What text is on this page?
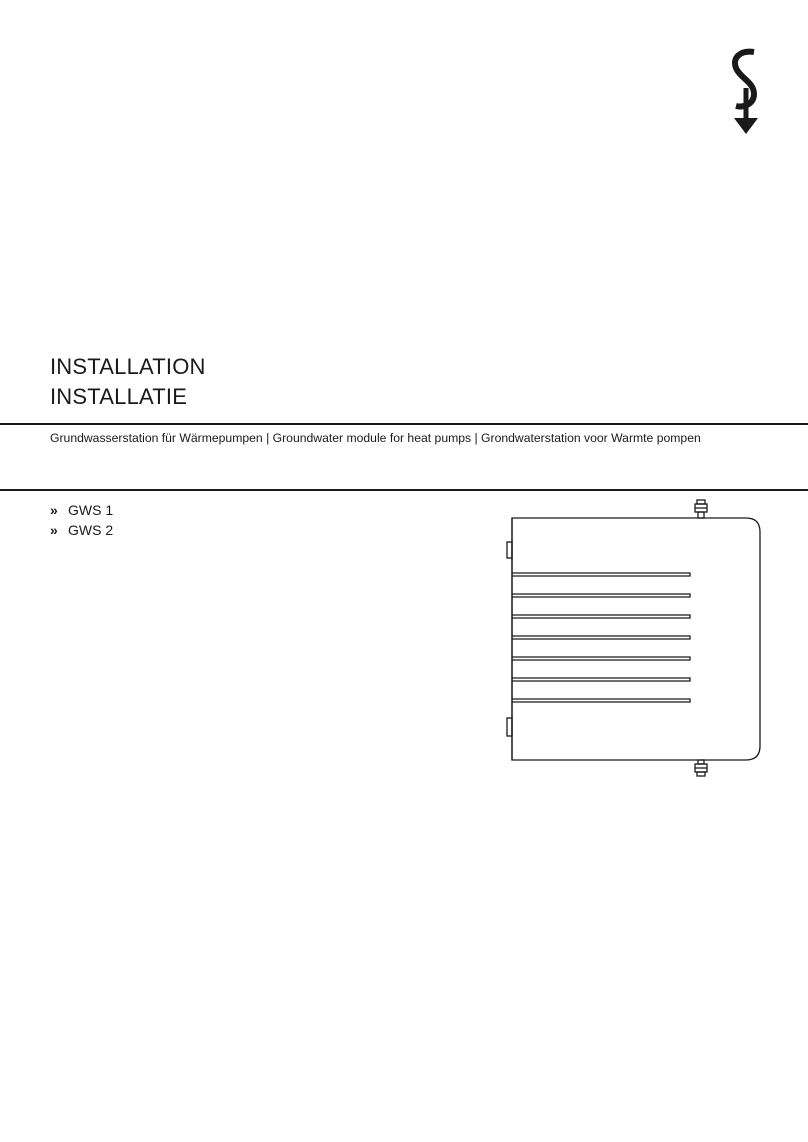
INSTALLATION
INSTALLATIE
Grundwasserstation für Wärmepumpen | Groundwater module for heat pumps | Grondwaterstation voor Warmte pompen
» GWS 1
» GWS 2
